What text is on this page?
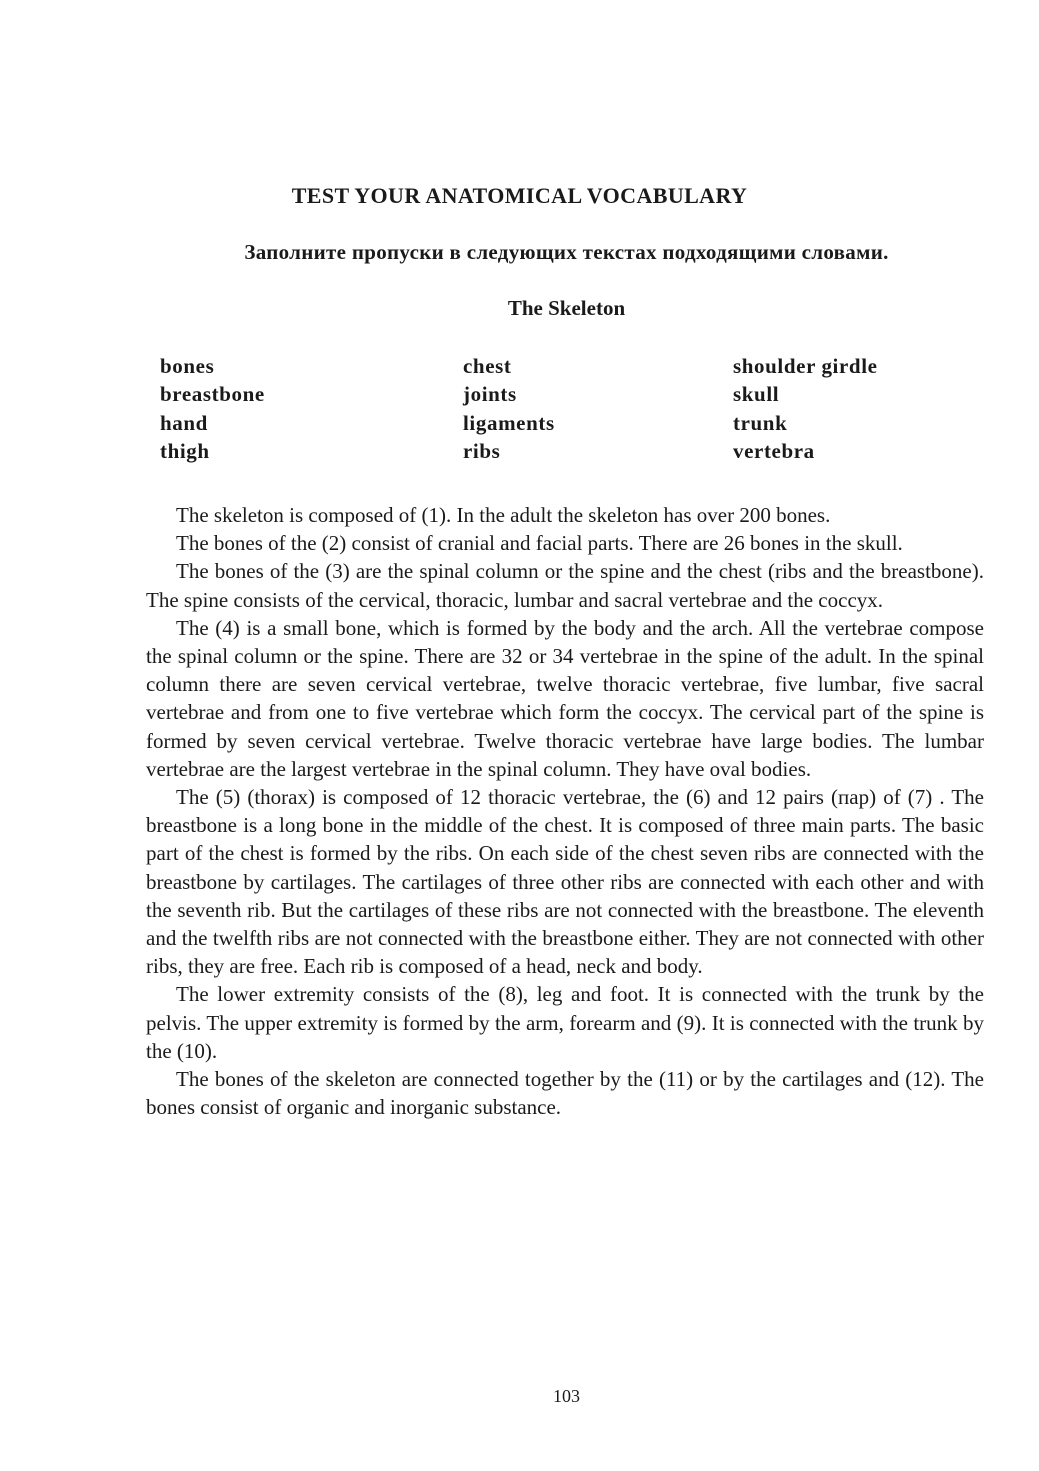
TEST YOUR ANATOMICAL VOCABULARY

Заполните пропуски в следующих текстах подходящими словами.

The Skeleton
bones
breastbone
hand
thigh
chest
joints
ligaments
ribs
shoulder girdle
skull
trunk
vertebra

The skeleton is composed of (1). In the adult the skeleton has over 200 bones.

The bones of the (2) consist of cranial and facial parts. There are 26 bones in the skull.

The bones of the (3) are the spinal column or the spine and the chest (ribs and the breastbone). The spine consists of the cervical, thoracic, lumbar and sacral vertebrae and the coccyx.

The (4) is a small bone, which is formed by the body and the arch. All the vertebrae compose the spinal column or the spine. There are 32 or 34 vertebrae in the spine of the adult. In the spinal column there are seven cervical vertebrae, twelve thoracic vertebrae, five lumbar, five sacral vertebrae and from one to five vertebrae which form the coccyx. The cervical part of the spine is formed by seven cervical vertebrae. Twelve thoracic vertebrae have large bodies. The lumbar vertebrae are the largest vertebrae in the spinal column. They have oval bodies.

The (5) (thorax) is composed of 12 thoracic vertebrae, the (6) and 12 pairs (пар) of (7) . The breastbone is a long bone in the middle of the chest. It is composed of three main parts. The basic part of the chest is formed by the ribs. On each side of the chest seven ribs are connected with the breastbone by cartilages. The cartilages of three other ribs are connected with each other and with the seventh rib. But the cartilages of these ribs are not connected with the breastbone. The eleventh and the twelfth ribs are not connected with the breastbone either. They are not connected with other ribs, they are free. Each rib is composed of a head, neck and body.

The lower extremity consists of the (8), leg and foot. It is connected with the trunk by the pelvis. The upper extremity is formed by the arm, forearm and (9). It is connected with the trunk by the (10).

The bones of the skeleton are connected together by the (11) or by the cartilages and (12). The bones consist of organic and inorganic substance.

103
